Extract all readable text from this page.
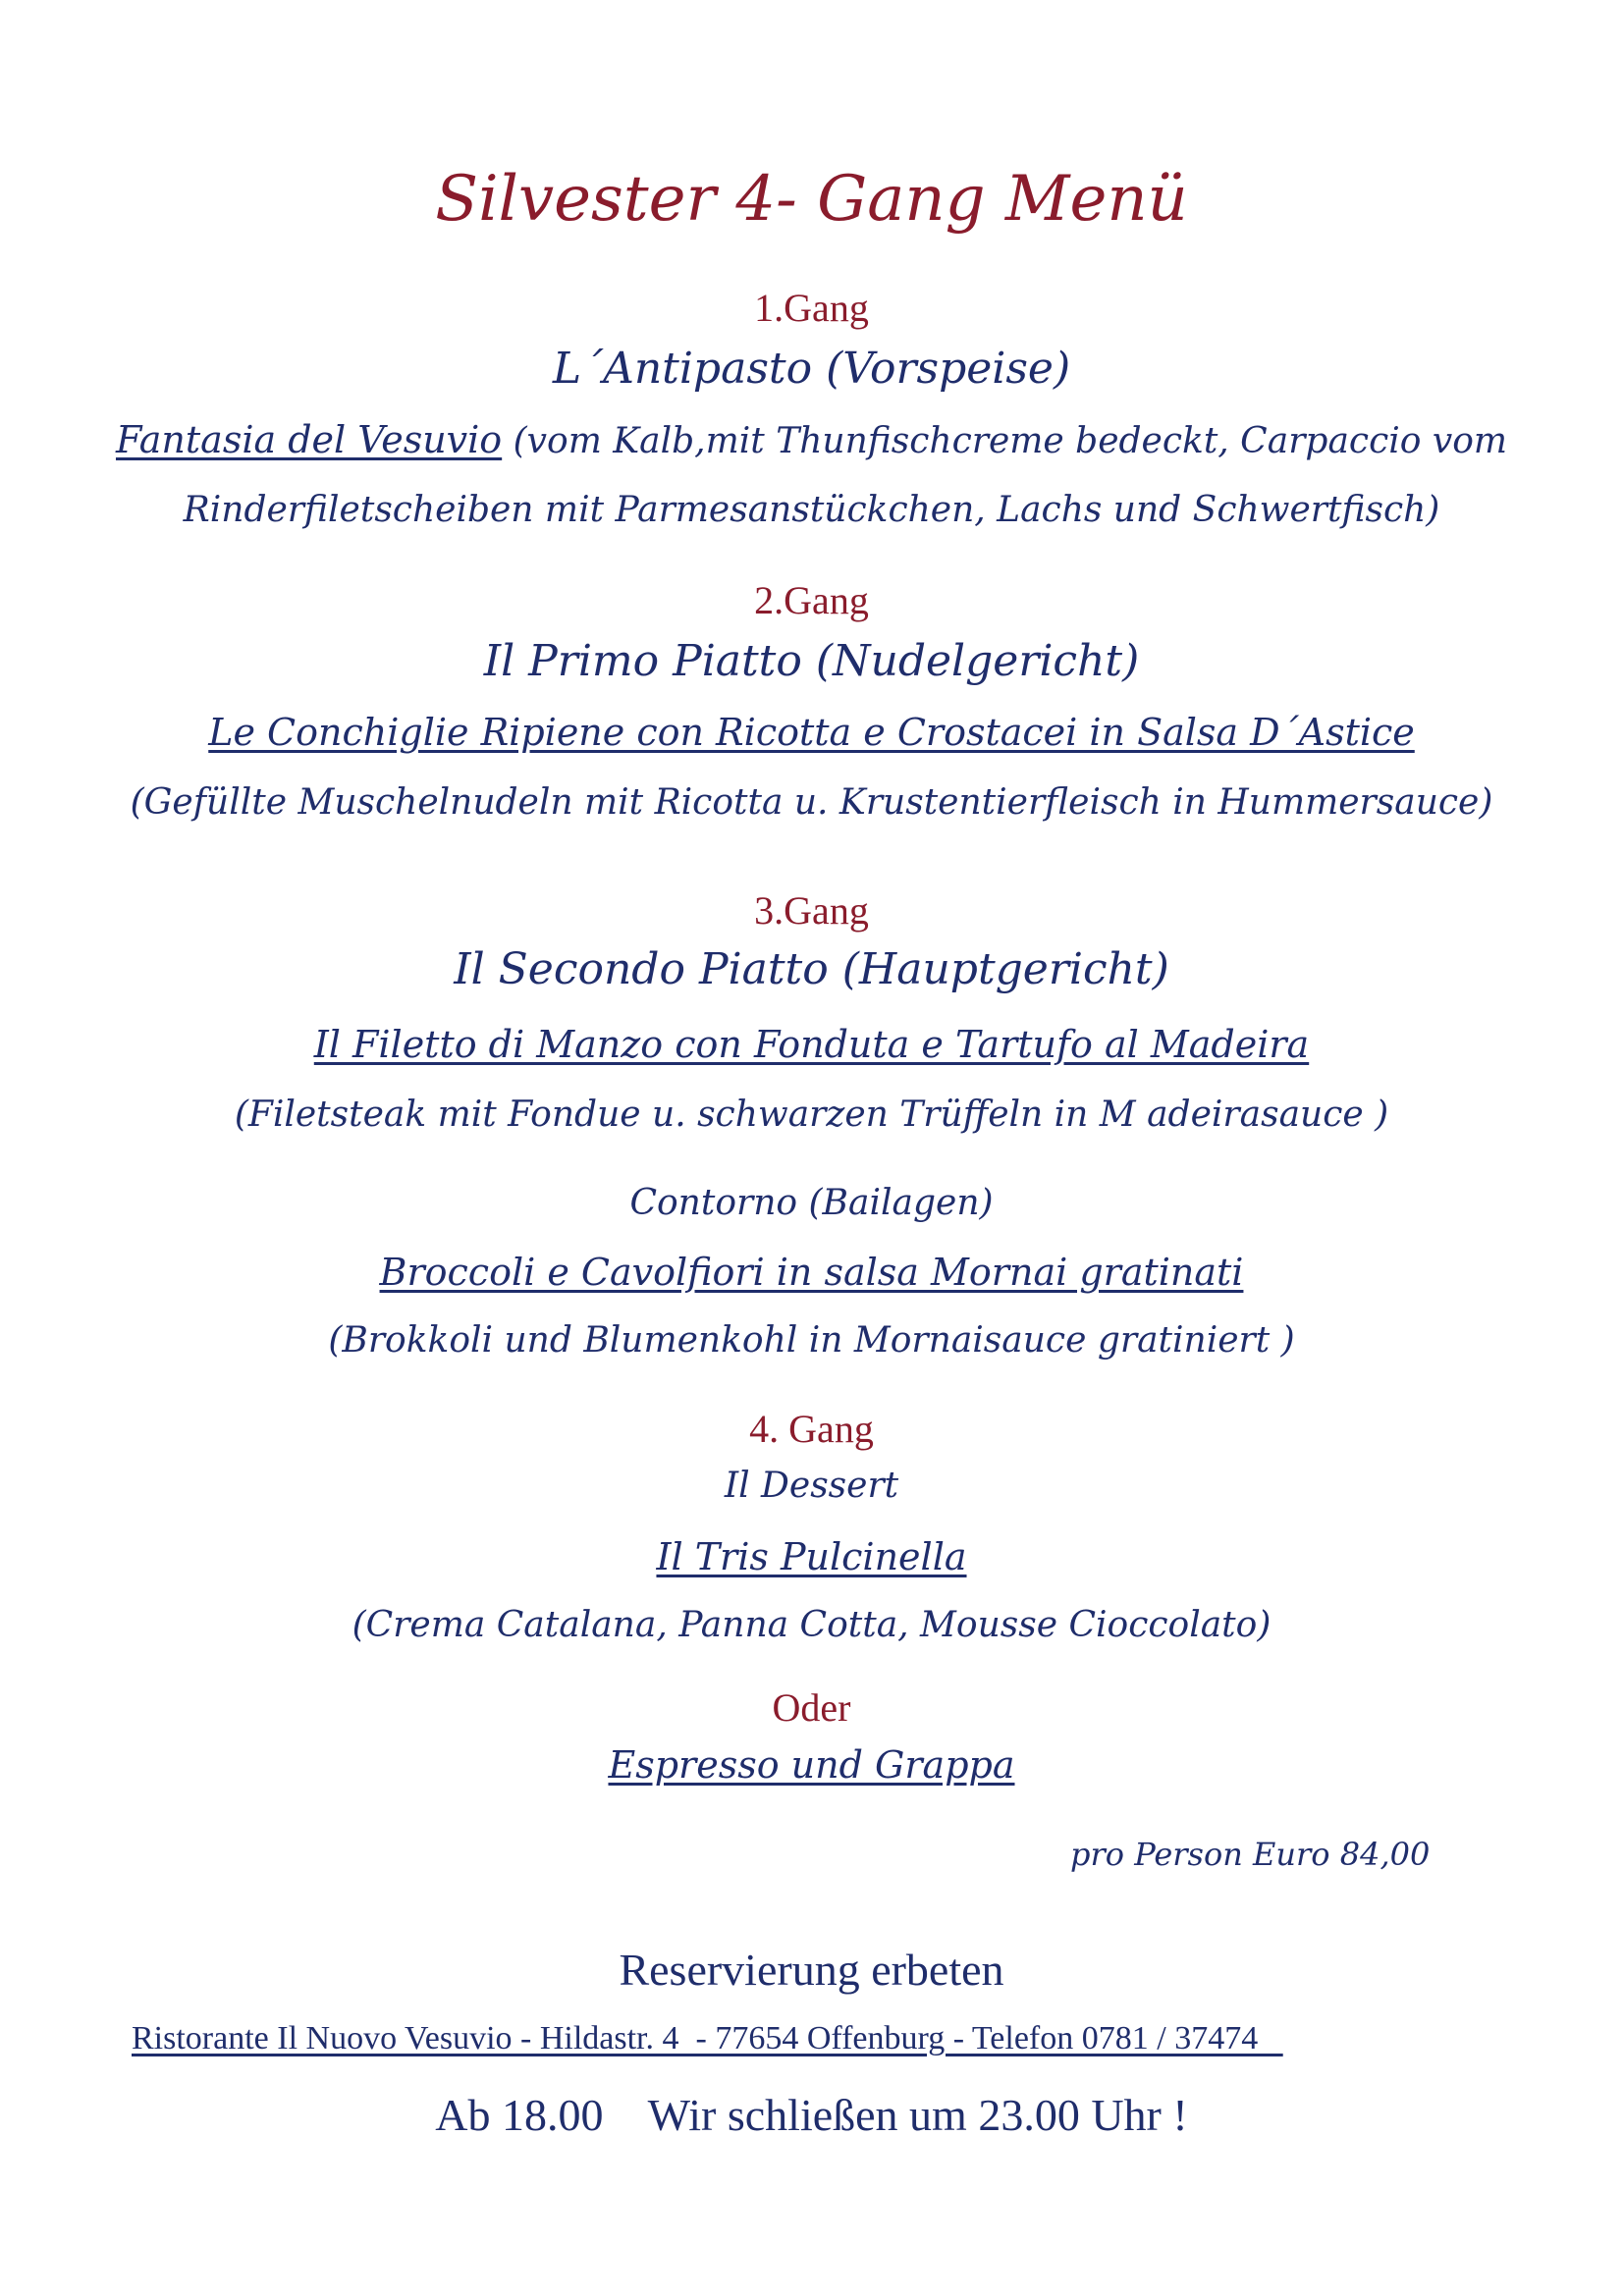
Silvester 4- Gang Menü
1.Gang
L´Antipasto (Vorspeise)
Fantasia del Vesuvio (vom Kalb,mit Thunfischcreme bedeckt, Carpaccio vom
Rinderfiletscheiben mit Parmesanstückchen, Lachs und Schwertfisch)
2.Gang
Il Primo Piatto (Nudelgericht)
Le Conchiglie Ripiene con Ricotta e Crostacei in Salsa D´Astice
(Gefüllte Muschelnudeln mit Ricotta u. Krustentierfleisch in Hummersauce)
3.Gang
Il Secondo Piatto (Hauptgericht)
Il Filetto di Manzo con Fonduta e Tartufo al Madeira
(Filetsteak mit Fondue u. schwarzen Trüffeln in M adeirasauce )
Contorno (Bailagen)
Broccoli e Cavolfiori in salsa Mornai gratinati
(Brokkoli und Blumenkohl in Mornaisauce gratiniert )
4. Gang
Il Dessert
Il Tris Pulcinella
(Crema Catalana, Panna Cotta, Mousse Cioccolato)
Oder
Espresso und Grappa
pro Person Euro 84,00
Reservierung erbeten
Ristorante Il Nuovo Vesuvio - Hildastr. 4  - 77654 Offenburg - Telefon 0781 / 37474
Ab 18.00    Wir schließen um 23.00 Uhr !
